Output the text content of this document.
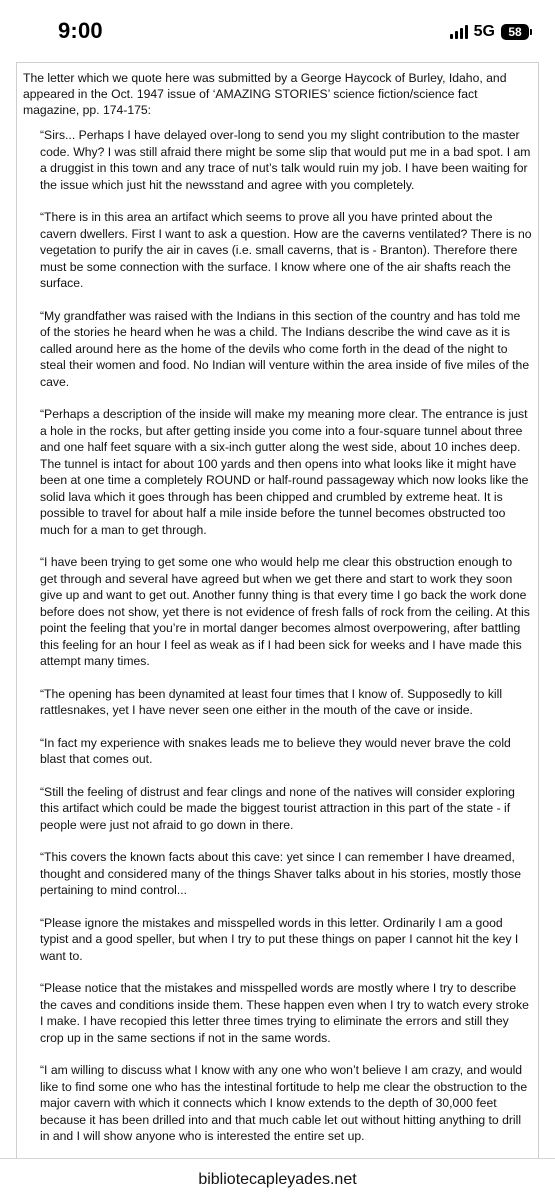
9:00	5G 58

The letter which we quote here was submitted by a George Haycock of Burley, Idaho, and appeared in the Oct. 1947 issue of ‘AMAZING STORIES’ science fiction/science fact magazine, pp. 174-175:

“Sirs... Perhaps I have delayed over-long to send you my slight contribution to the master code. Why? I was still afraid there might be some slip that would put me in a bad spot. I am a druggist in this town and any trace of nut’s talk would ruin my job. I have been waiting for the issue which just hit the newsstand and agree with you completely.

“There is in this area an artifact which seems to prove all you have printed about the cavern dwellers. First I want to ask a question. How are the caverns ventilated? There is no vegetation to purify the air in caves (i.e. small caverns, that is - Branton). Therefore there must be some connection with the surface. I know where one of the air shafts reach the surface.

“My grandfather was raised with the Indians in this section of the country and has told me of the stories he heard when he was a child. The Indians describe the wind cave as it is called around here as the home of the devils who come forth in the dead of the night to steal their women and food. No Indian will venture within the area inside of five miles of the cave.

“Perhaps a description of the inside will make my meaning more clear. The entrance is just a hole in the rocks, but after getting inside you come into a four-square tunnel about three and one half feet square with a six-inch gutter along the west side, about 10 inches deep. The tunnel is intact for about 100 yards and then opens into what looks like it might have been at one time a completely ROUND or half-round passageway which now looks like the solid lava which it goes through has been chipped and crumbled by extreme heat. It is possible to travel for about half a mile inside before the tunnel becomes obstructed too much for a man to get through.

“I have been trying to get some one who would help me clear this obstruction enough to get through and several have agreed but when we get there and start to work they soon give up and want to get out. Another funny thing is that every time I go back the work done before does not show, yet there is not evidence of fresh falls of rock from the ceiling. At this point the feeling that you’re in mortal danger becomes almost overpowering, after battling this feeling for an hour I feel as weak as if I had been sick for weeks and I have made this attempt many times.

“The opening has been dynamited at least four times that I know of. Supposedly to kill rattlesnakes, yet I have never seen one either in the mouth of the cave or inside.

“In fact my experience with snakes leads me to believe they would never brave the cold blast that comes out.

“Still the feeling of distrust and fear clings and none of the natives will consider exploring this artifact which could be made the biggest tourist attraction in this part of the state - if people were just not afraid to go down in there.

“This covers the known facts about this cave: yet since I can remember I have dreamed, thought and considered many of the things Shaver talks about in his stories, mostly those pertaining to mind control...

“Please ignore the mistakes and misspelled words in this letter. Ordinarily I am a good typist and a good speller, but when I try to put these things on paper I cannot hit the key I want to.

“Please notice that the mistakes and misspelled words are mostly where I try to describe the caves and conditions inside them. These happen even when I try to watch every stroke I make. I have recopied this letter three times trying to eliminate the errors and still they crop up in the same sections if not in the same words.

“I am willing to discuss what I know with any one who won’t believe I am crazy, and would like to find some one who has the intestinal fortitude to help me clear the obstruction to the major cavern with which it connects which I know extends to the depth of 30,000 feet because it has been drilled into and that much cable let out without hitting anything to drill in and I will show anyone who is interested the entire set up.

bibliotecapleyades.net
